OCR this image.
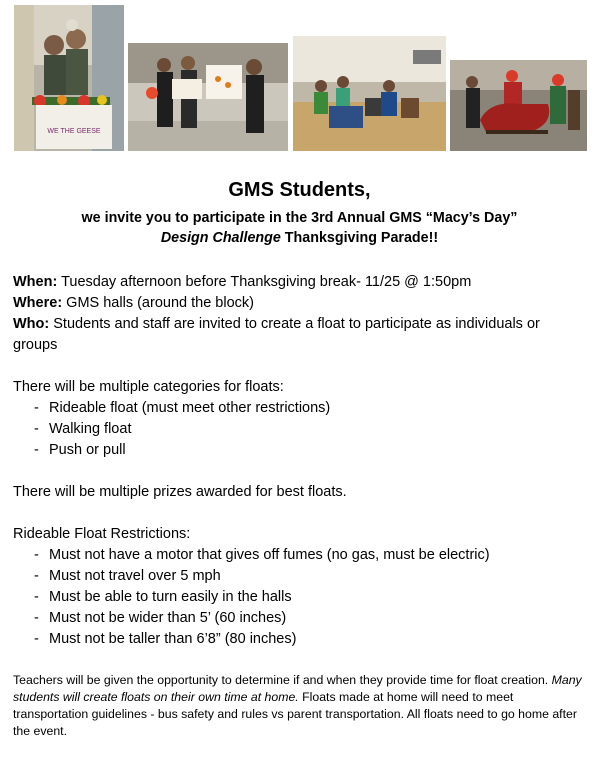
WE THE GEESE
GMS Students,
we invite you to participate in the 3rd Annual GMS “Macy’s Day”
Design Challenge Thanksgiving Parade!!

When: Tuesday afternoon before Thanksgiving break- 11/25 @ 1:50pm

Where: GMS halls (around the block)

Who: Students and staff are invited to create a float to participate as individuals or groups

There will be multiple categories for floats:

- Rideable float (must meet other restrictions)
- Walking float
- Push or pull

There will be multiple prizes awarded for best floats.

Rideable Float Restrictions:

- Must not have a motor that gives off fumes (no gas, must be electric)
- Must not travel over 5 mph
- Must be able to turn easily in the halls
- Must not be wider than 5’ (60 inches)
- Must not be taller than 6’8” (80 inches)
Teachers will be given the opportunity to determine if and when they provide time for float creation. Many students will create floats on their own time at home. Floats made at home will need to meet transportation guidelines - bus safety and rules vs parent transportation. All floats need to go home after the event.
